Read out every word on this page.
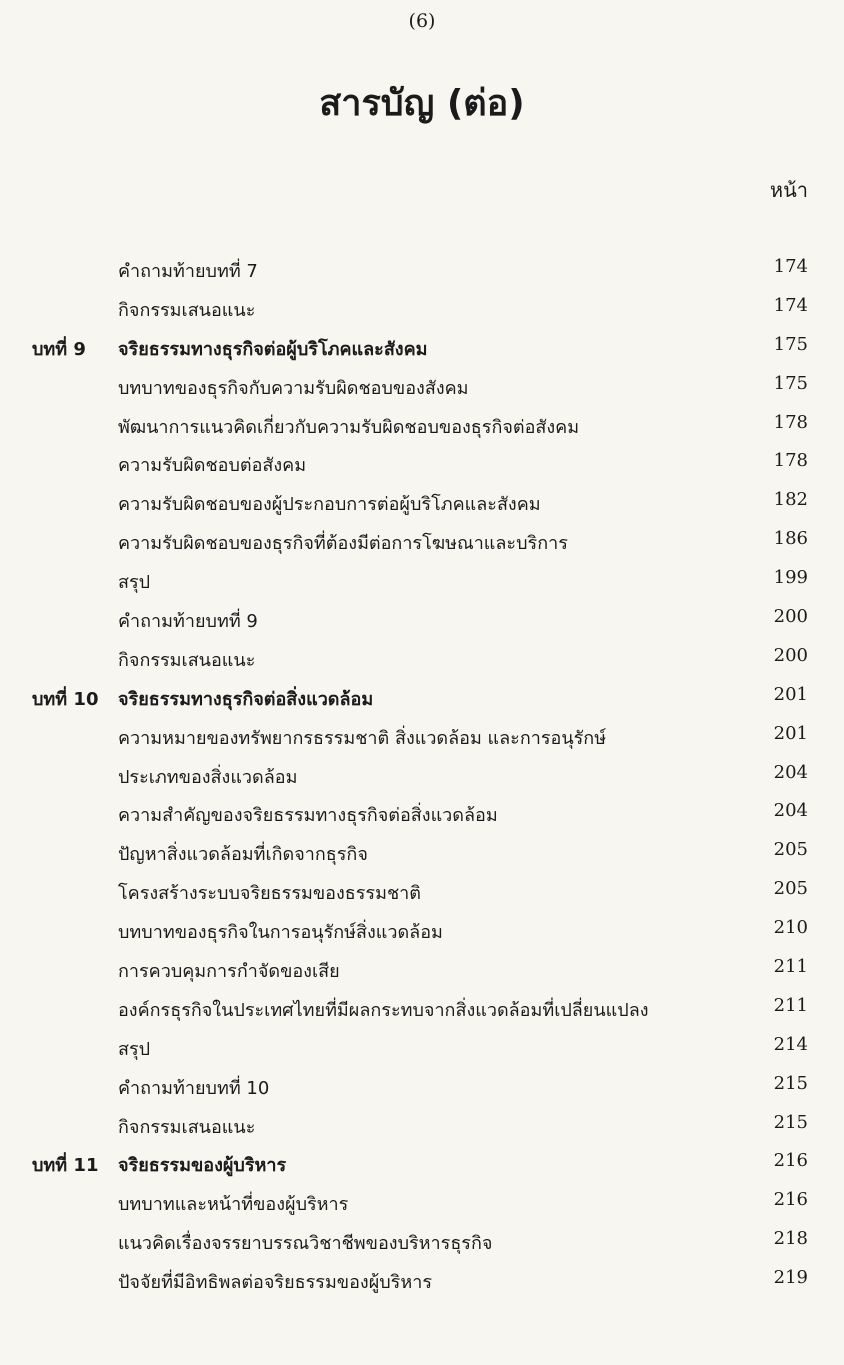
(6)
สารบัญ (ต่อ)
หน้า
คำถามท้ายบทที่ 7	174
กิจกรรมเสนอแนะ	174
บทที่ 9 จริยธรรมทางธุรกิจต่อผู้บริโภคและสังคม	175
บทบาทของธุรกิจกับความรับผิดชอบของสังคม	175
พัฒนาการแนวคิดเกี่ยวกับความรับผิดชอบของธุรกิจต่อสังคม	178
ความรับผิดชอบต่อสังคม	178
ความรับผิดชอบของผู้ประกอบการต่อผู้บริโภคและสังคม	182
ความรับผิดชอบของธุรกิจที่ต้องมีต่อการโฆษณาและบริการ	186
สรุป	199
คำถามท้ายบทที่ 9	200
กิจกรรมเสนอแนะ	200
บทที่ 10 จริยธรรมทางธุรกิจต่อสิ่งแวดล้อม	201
ความหมายของทรัพยากรธรรมชาติ สิ่งแวดล้อม และการอนุรักษ์	201
ประเภทของสิ่งแวดล้อม	204
ความสำคัญของจริยธรรมทางธุรกิจต่อสิ่งแวดล้อม	204
ปัญหาสิ่งแวดล้อมที่เกิดจากธุรกิจ	205
โครงสร้างระบบจริยธรรมของธรรมชาติ	205
บทบาทของธุรกิจในการอนุรักษ์สิ่งแวดล้อม	210
การควบคุมการกำจัดของเสีย	211
องค์กรธุรกิจในประเทศไทยที่มีผลกระทบจากสิ่งแวดล้อมที่เปลี่ยนแปลง	211
สรุป	214
คำถามท้ายบทที่ 10	215
กิจกรรมเสนอแนะ	215
บทที่ 11 จริยธรรมของผู้บริหาร	216
บทบาทและหน้าที่ของผู้บริหาร	216
แนวคิดเรื่องจรรยาบรรณวิชาชีพของบริหารธุรกิจ	218
ปัจจัยที่มีอิทธิพลต่อจริยธรรมของผู้บริหาร	219
